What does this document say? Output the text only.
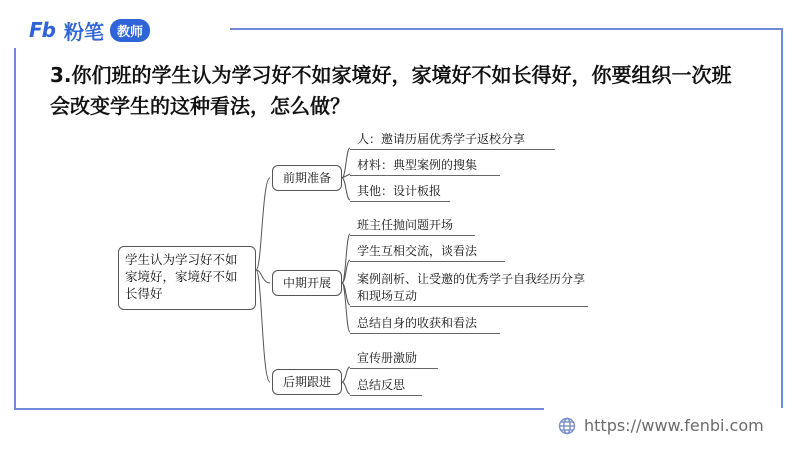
Fb 粉笔	教师
3.你们班的学生认为学习好不如家境好，家境好不如长得好，你要组织一次班会改变学生的这种看法，怎么做？
学生认为学习好不如家境好，家境好不如长得好
前期准备
中期开展
后期跟进
人：邀请历届优秀学子返校分享
材料：典型案例的搜集
其他：设计板报
班主任抛问题开场
学生互相交流，谈看法
案例剖析、让受邀的优秀学子自我经历分享和现场互动
总结自身的收获和看法
宣传册激励
总结反思
https://www.fenbi.com
